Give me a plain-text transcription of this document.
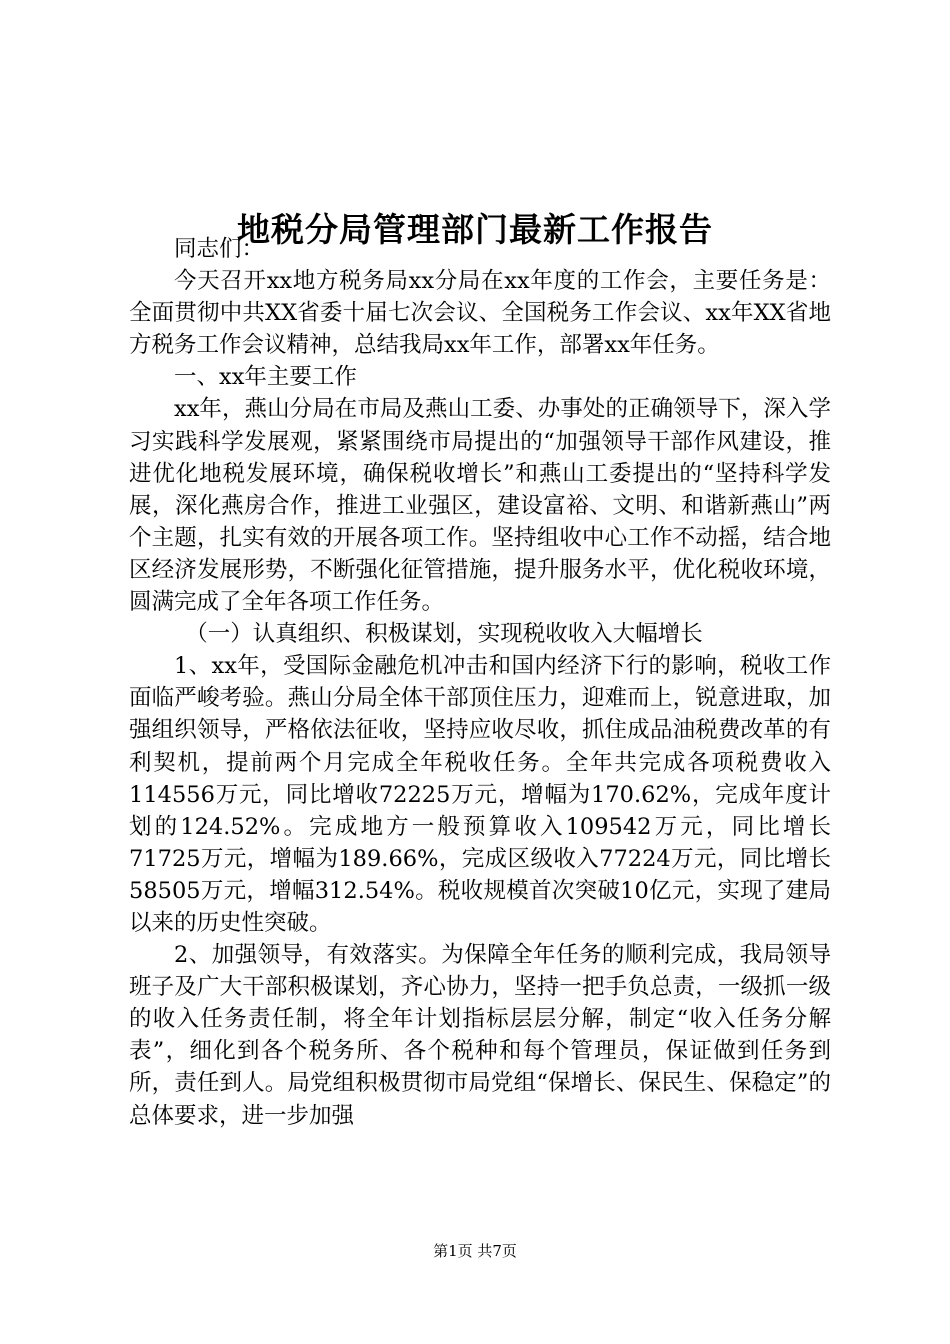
地税分局管理部门最新工作报告

同志们：

今天召开xx地方税务局xx分局在xx年度的工作会，主要任务是：全面贯彻中共XX省委十届七次会议、全国税务工作会议、xx年XX省地方税务工作会议精神，总结我局xx年工作，部署xx年任务。

一、xx年主要工作

xx年，燕山分局在市局及燕山工委、办事处的正确领导下，深入学习实践科学发展观，紧紧围绕市局提出的“加强领导干部作风建设，推进优化地税发展环境，确保税收增长”和燕山工委提出的“坚持科学发展，深化燕房合作，推进工业强区，建设富裕、文明、和谐新燕山”两个主题，扎实有效的开展各项工作。坚持组收中心工作不动摇，结合地区经济发展形势，不断强化征管措施，提升服务水平，优化税收环境，圆满完成了全年各项工作任务。

（一）认真组织、积极谋划，实现税收收入大幅增长

1、xx年，受国际金融危机冲击和国内经济下行的影响，税收工作面临严峻考验。燕山分局全体干部顶住压力，迎难而上，锐意进取，加强组织领导，严格依法征收，坚持应收尽收，抓住成品油税费改革的有利契机，提前两个月完成全年税收任务。全年共完成各项税费收入114556万元，同比增收72225万元，增幅为170.62%，完成年度计划的124.52%。完成地方一般预算收入109542万元，同比增长71725万元，增幅为189.66%，完成区级收入77224万元，同比增长58505万元，增幅312.54%。税收规模首次突破10亿元，实现了建局以来的历史性突破。

2、加强领导，有效落实。为保障全年任务的顺利完成，我局领导班子及广大干部积极谋划，齐心协力，坚持一把手负总责，一级抓一级的收入任务责任制，将全年计划指标层层分解，制定“收入任务分解表”，细化到各个税务所、各个税种和每个管理员，保证做到任务到所，责任到人。局党组积极贯彻市局党组“保增长、保民生、保稳定”的总体要求，进一步加强

第1页 共7页
